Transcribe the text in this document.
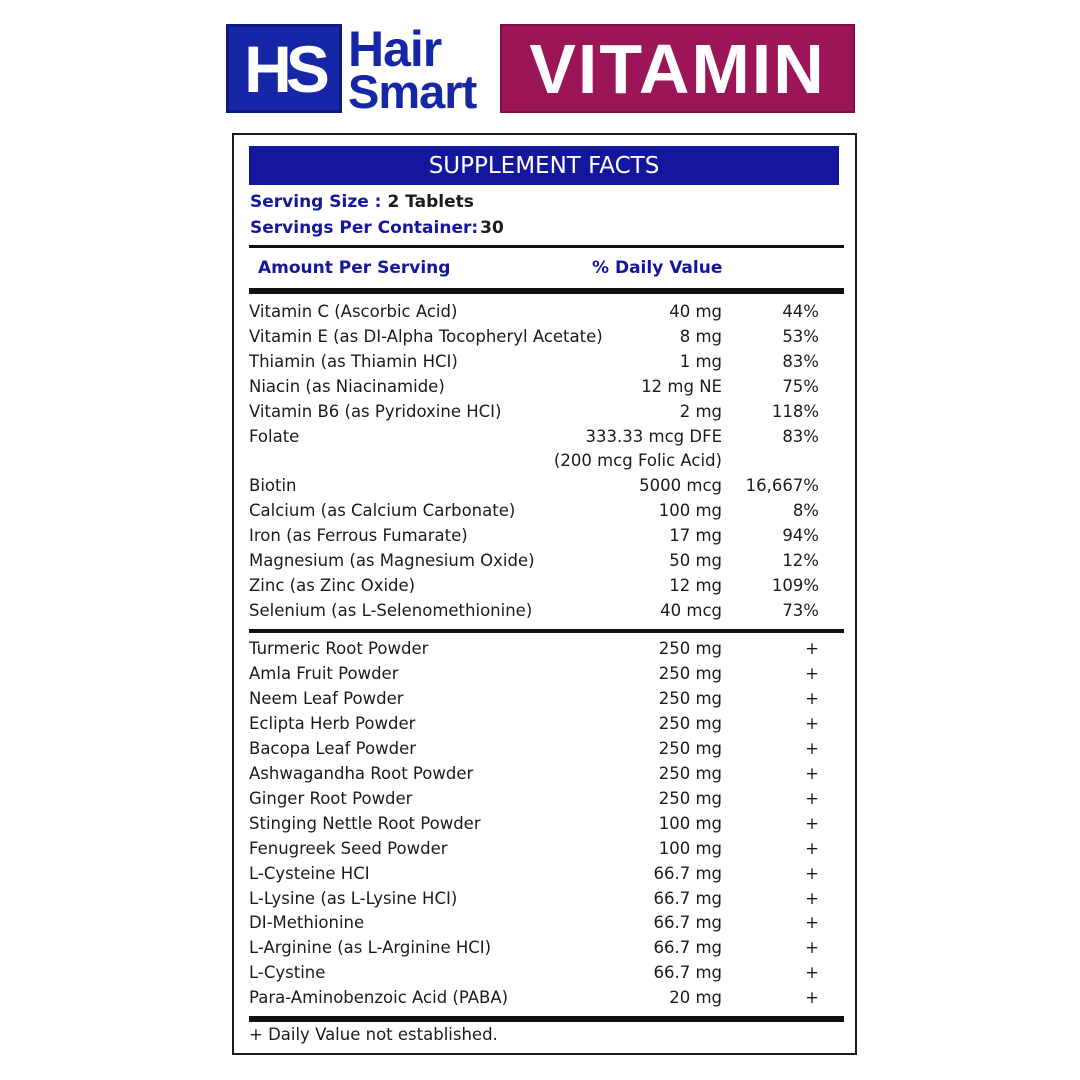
HS Hair
Smart VITAMIN
SUPPLEMENT FACTS
Serving Size : 2 Tablets
Servings Per Container: 30
Amount Per Serving	% Daily Value
Vitamin C (Ascorbic Acid)	40 mg	44%
Vitamin E (as DI-Alpha Tocopheryl Acetate)	8 mg	53%
Thiamin (as Thiamin HCI)	1 mg	83%
Niacin (as Niacinamide)	12 mg NE	75%
Vitamin B6 (as Pyridoxine HCI)	2 mg	118%
Folate	333.33 mcg DFE	83%
(200 mcg Folic Acid)
Biotin	5000 mcg 16,667%
Calcium (as Calcium Carbonate)	100 mg	8%
Iron (as Ferrous Fumarate)	17 mg	94%
Magnesium (as Magnesium Oxide)	50 mg	12%
Zinc (as Zinc Oxide)	12 mg	109%
Selenium (as L-Selenomethionine)	40 mcg	73%
Turmeric Root Powder	250 mg	+
Amla Fruit Powder	250 mg	+
Neem Leaf Powder	250 mg	+
Eclipta Herb Powder	250 mg	+
Bacopa Leaf Powder	250 mg	+
Ashwagandha Root Powder	250 mg	+
Ginger Root Powder	250 mg	+
Stinging Nettle Root Powder	100 mg	+
Fenugreek Seed Powder	100 mg	+
L-Cysteine HCI	66.7 mg	+
L-Lysine (as L-Lysine HCI)	66.7 mg	+
DI-Methionine	66.7 mg	+
L-Arginine (as L-Arginine HCI)	66.7 mg	+
L-Cystine	66.7 mg	+
Para-Aminobenzoic Acid (PABA)	20 mg	+
+ Daily Value not established.
